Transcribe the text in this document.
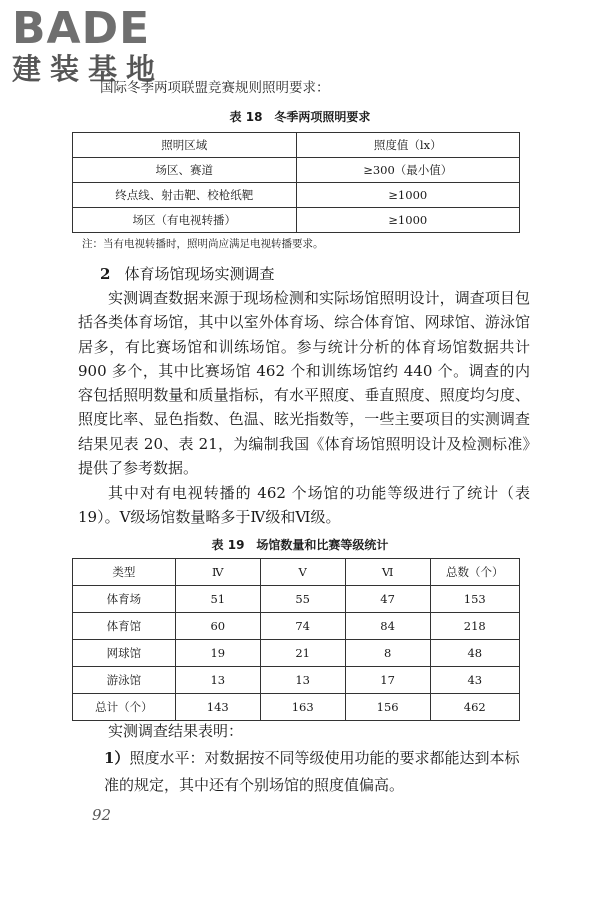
BADE
建装基地
国际冬季两项联盟竞赛规则照明要求：
表 18　冬季两项照明要求
照明区域	照度值（lx）
场区、赛道	≥300（最小值）
终点线、射击靶、校枪纸靶	≥1000
场区（有电视转播）	≥1000
注：当有电视转播时，照明尚应满足电视转播要求。
2 体育场馆现场实测调查
实测调查数据来源于现场检测和实际场馆照明设计，调查项目包括各类体育场馆，其中以室外体育场、综合体育馆、网球馆、游泳馆居多，有比赛场馆和训练场馆。参与统计分析的体育场馆数据共计 900 多个，其中比赛场馆 462 个和训练场馆约 440 个。调查的内容包括照明数量和质量指标，有水平照度、垂直照度、照度均匀度、照度比率、显色指数、色温、眩光指数等，一些主要项目的实测调查结果见表 20、表 21，为编制我国《体育场馆照明设计及检测标准》提供了参考数据。
其中对有电视转播的 462 个场馆的功能等级进行了统计（表 19）。Ⅴ级场馆数量略多于Ⅳ级和Ⅵ级。
表 19　场馆数量和比赛等级统计
类型	Ⅳ	Ⅴ	Ⅵ	总数（个）
体育场	51	55	47	153
体育馆	60	74	84	218
网球馆	19	21	8	48
游泳馆	13	13	17	43
总计（个）	143	163	156	462
实测调查结果表明：
1）照度水平：对数据按不同等级使用功能的要求都能达到本标准的规定，其中还有个别场馆的照度值偏高。
92
